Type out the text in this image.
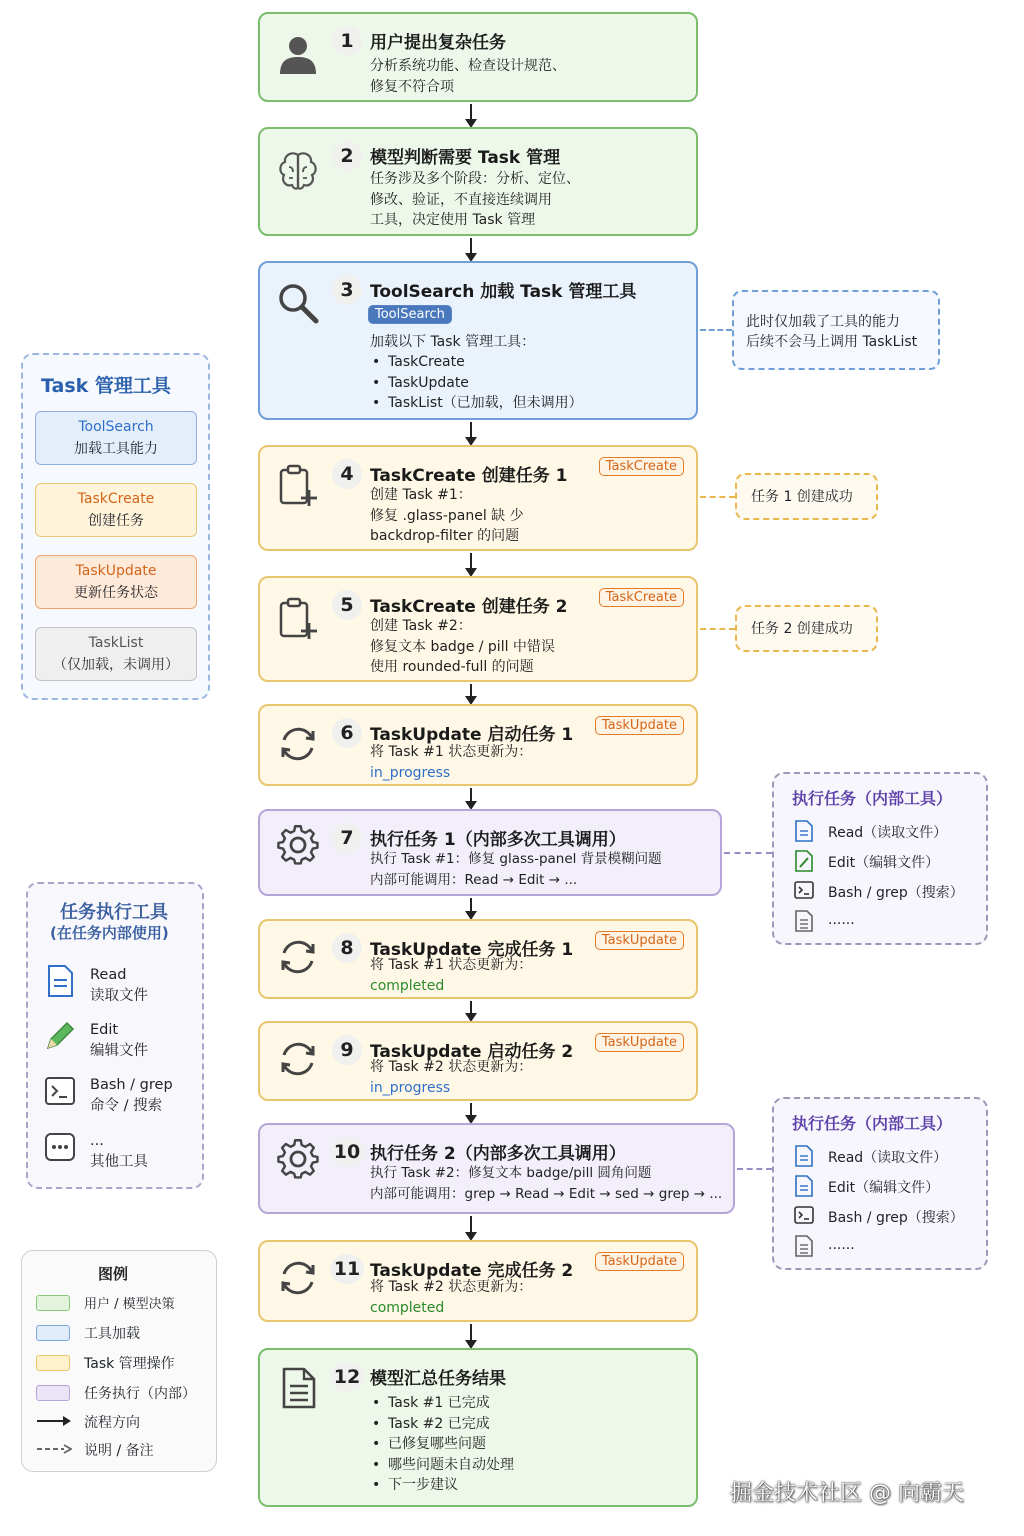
1 用户提出复杂任务
分析系统功能、检查设计规范、
修复不符合项
2 模型判断需要 Task 管理
任务涉及多个阶段：分析、定位、
修改、验证，不直接连续调用
工具，决定使用 Task 管理
3 ToolSearch 加载 Task 管理工具
ToolSearch
加载以下 Task 管理工具：
• TaskCreate
• TaskUpdate
• TaskList（已加载，但未调用）
4 TaskCreate 创建任务 1	TaskCreate
创建 Task #1：
修复 .glass-panel 缺 少
backdrop-filter 的问题
5 TaskCreate 创建任务 2	TaskCreate
创建 Task #2：
修复文本 badge / pill 中错误
使用 rounded-full 的问题
6 TaskUpdate 启动任务 1	TaskUpdate
将 Task #1 状态更新为：
in_progress
7 执行任务 1（内部多次工具调用）
执行 Task #1：修复 glass-panel 背景模糊问题
内部可能调用：Read → Edit → ...
8 TaskUpdate 完成任务 1	TaskUpdate
将 Task #1 状态更新为：
completed
9 TaskUpdate 启动任务 2	TaskUpdate
将 Task #2 状态更新为：
in_progress
10 执行任务 2（内部多次工具调用）
执行 Task #2：修复文本 badge/pill 圆角问题
内部可能调用：grep → Read → Edit → sed → grep → ...
11 TaskUpdate 完成任务 2	TaskUpdate
将 Task #2 状态更新为：
completed
12 模型汇总任务结果
• Task #1 已完成
• Task #2 已完成
• 已修复哪些问题
• 哪些问题未自动处理
• 下一步建议
此时仅加载了工具的能力
后续不会马上调用 TaskList
任务 1 创建成功
任务 2 创建成功
执行任务（内部工具）
Read（读取文件）
Edit（编辑文件）
Bash / grep（搜索）
......
执行任务（内部工具）
Read（读取文件）
Edit（编辑文件）
Bash / grep（搜索）
......
Task 管理工具
ToolSearch
加载工具能力
TaskCreate
创建任务
TaskUpdate
更新任务状态
TaskList
（仅加载，未调用）
任务执行工具
(在任务内部使用)
Read
读取文件
Edit
编辑文件
Bash / grep
命令 / 搜索
...
其他工具
图例
用户 / 模型决策
工具加载
Task 管理操作
任务执行（内部）
流程方向
说明 / 备注
掘金技术社区 @ 向霸天
